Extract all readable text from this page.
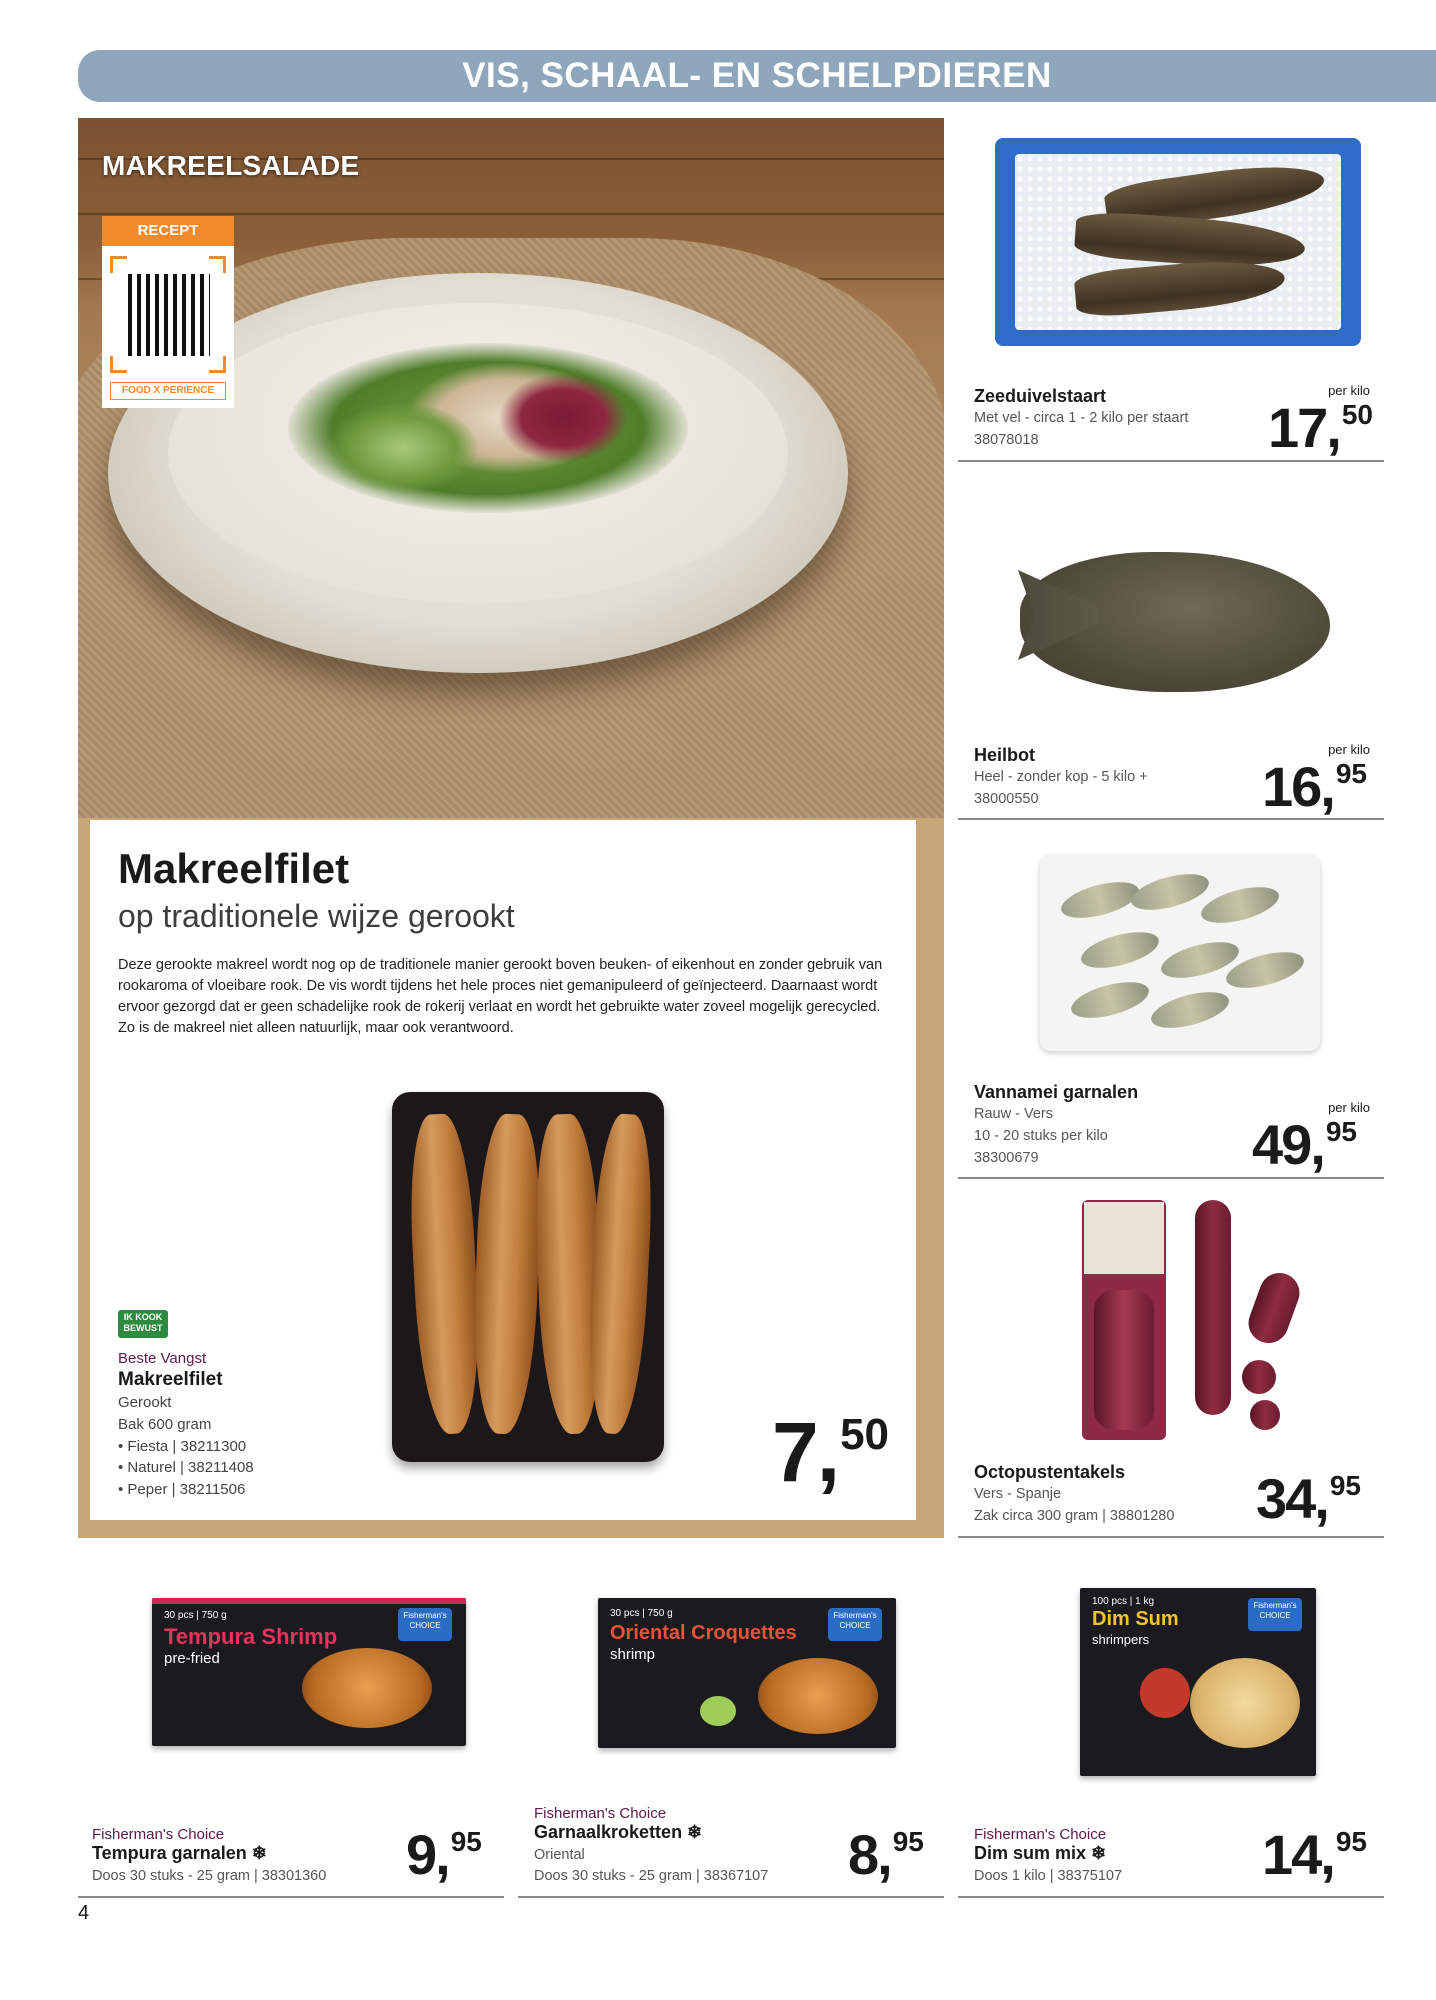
VIS, SCHAAL- EN SCHELPDIEREN
MAKREELSALADE
RECEPT
FOOD X PERIENCE
Makreelfilet
op traditionele wijze gerookt
Deze gerookte makreel wordt nog op de traditionele manier gerookt boven beuken- of eikenhout en zonder gebruik van rookaroma of vloeibare rook. De vis wordt tijdens het hele proces niet gemanipuleerd of geïnjecteerd. Daarnaast wordt ervoor gezorgd dat er geen schadelijke rook de rokerij verlaat en wordt het gebruikte water zoveel mogelijk gerecycled. Zo is de makreel niet alleen natuurlijk, maar ook verantwoord.
IK KOOK BEWUST
Beste Vangst
Makreelfilet
Gerookt
Bak 600 gram
• Fiesta | 38211300
• Naturel | 38211408
• Peper | 38211506	7,50
Zeeduivelstaart
Met vel - circa 1 - 2 kilo per staart
38078018
per kilo
17,50
Heilbot
Heel - zonder kop - 5 kilo +
38000550
per kilo
16,95
Vannamei garnalen
Rauw - Vers
10 - 20 stuks per kilo
38300679
per kilo
49,95
Octopustentakels
Vers - Spanje
Zak circa 300 gram | 38801280 34,95
30 pcs | 750 g
Tempura Shrimp
pre-fried
Fisherman's CHOICE
Fisherman's Choice
Tempura garnalen ❄
Doos 30 stuks - 25 gram | 38301360 9,95
30 pcs | 750 g
Oriental Croquettes
shrimp
Fisherman's CHOICE
Fisherman's Choice
Garnaalkroketten ❄
Oriental
Doos 30 stuks - 25 gram | 38367107 8,95
100 pcs | 1 kg
Dim Sum
shrimpers
Fisherman's CHOICE
Fisherman's Choice
Dim sum mix ❄
Doos 1 kilo | 38375107 14,95
4
